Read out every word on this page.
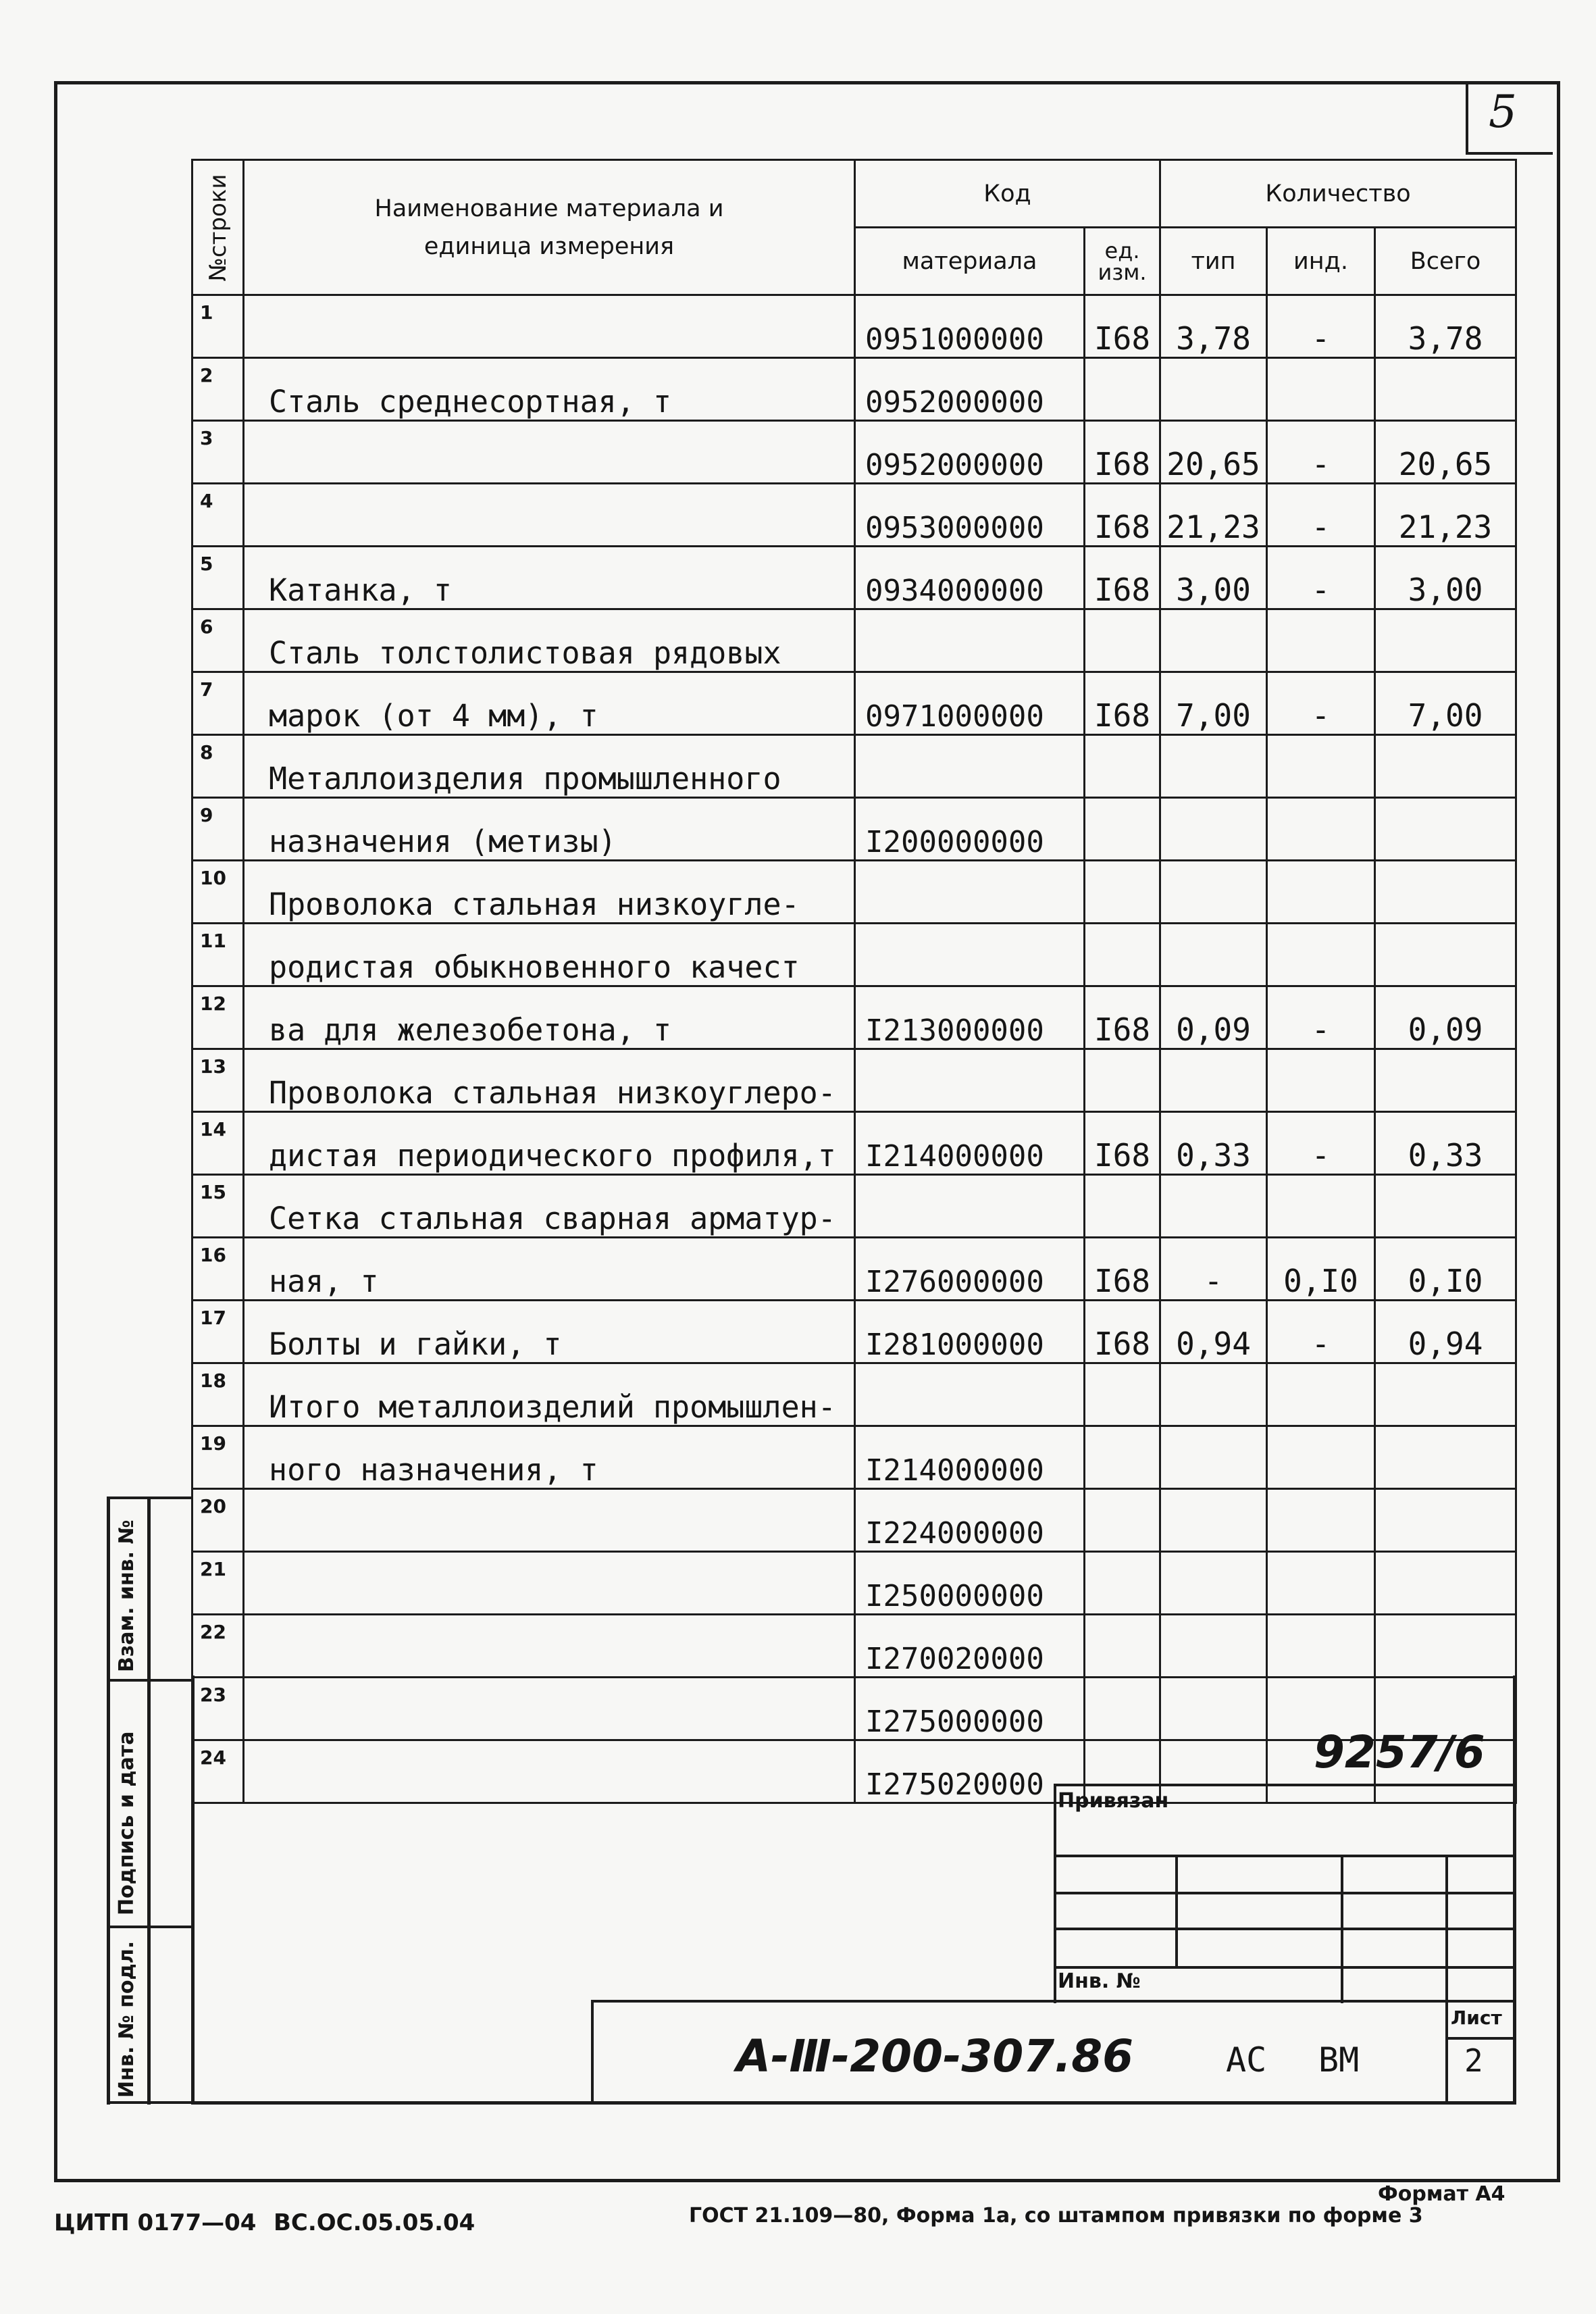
5
№строки	Наименование материала и единица измерения	Код		Количество		
		материала	ед. изм.	тип	инд.	Всего
1		0951000000	I68	3,78	-	3,78
2	Сталь среднесортная, т	0952000000				
3		0952000000	I68	20,65	-	20,65
4		0953000000	I68	21,23	-	21,23
5	Катанка, т	0934000000	I68	3,00	-	3,00
6	Сталь толстолистовая рядовых					
7	марок (от 4 мм), т	0971000000	I68	7,00	-	7,00
8	Металлоизделия промышленного					
9	назначения (метизы)	I200000000				
10	Проволока стальная низкоугле-					
11	родистая обыкновенного качест					
12	ва для железобетона, т	I213000000	I68	0,09	-	0,09
13	Проволока стальная низкоуглеро-					
14	дистая периодического профиля,т	I214000000	I68	0,33	-	0,33
15	Сетка стальная сварная арматур-					
16	ная, т	I276000000	I68	-	0,I0	0,I0
17	Болты и гайки, т	I281000000	I68	0,94	-	0,94
18	Итого металлоизделий промышлен-					
19	ного назначения, т	I214000000				
20		I224000000				
21		I250000000				
22		I270020000				
23		I275000000				
24		I275020000				
Взам. инв. №
Подпись и дата
Инв. № подл.
9257/6
Привязан
Инв. №
Лист
А-Ⅲ-200-307.86	АС ВМ	2
Формат А4
ЦИТП 0177—04 ВС.ОС.05.05.04	ГОСТ 21.109—80, Форма 1а, со штампом привязки по форме 3
